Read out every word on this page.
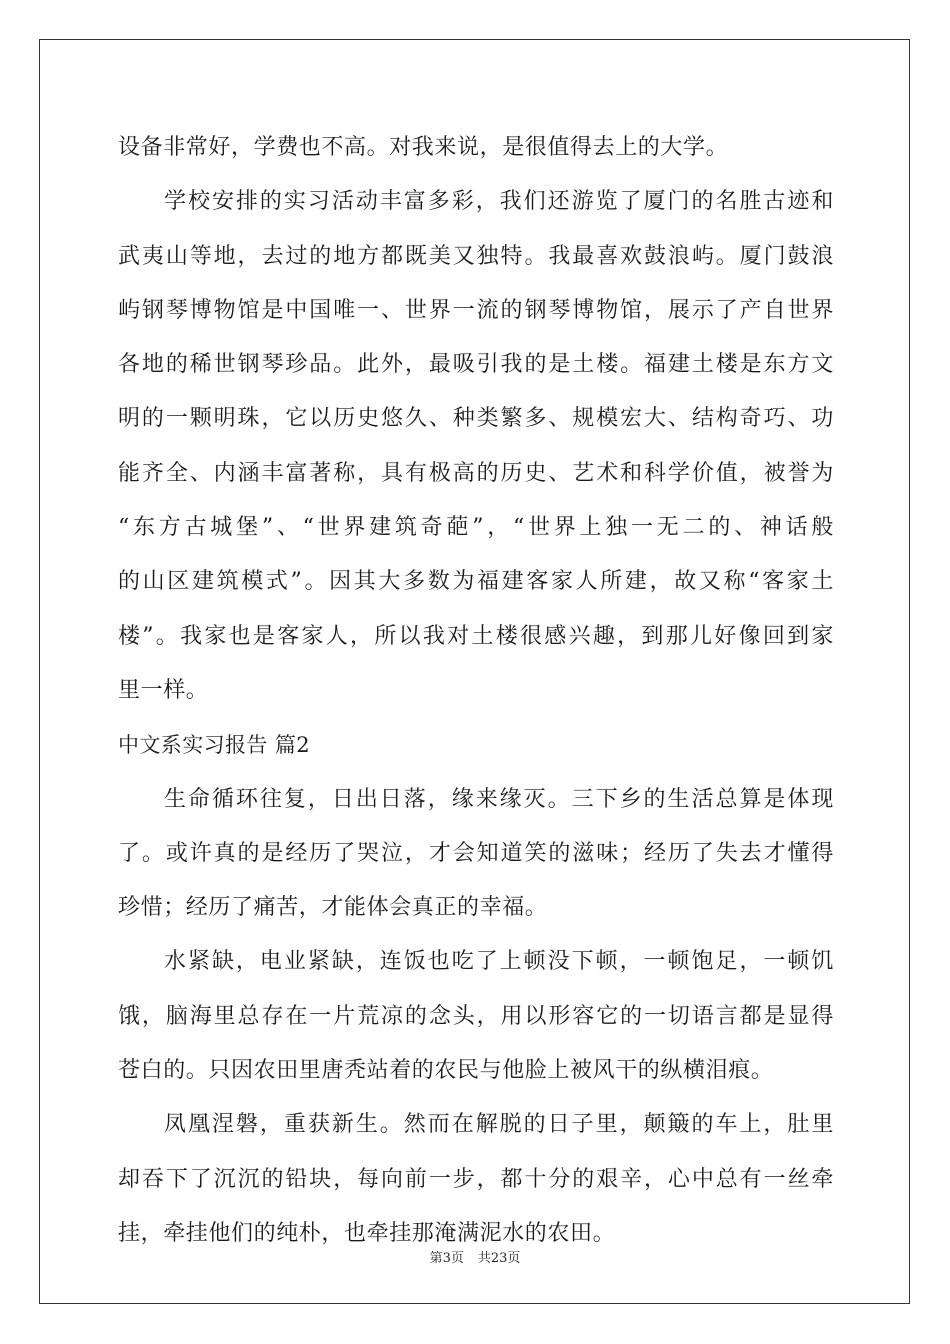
设备非常好，学费也不高。对我来说，是很值得去上的大学。
学校安排的实习活动丰富多彩，我们还游览了厦门的名胜古迹和
武夷山等地，去过的地方都既美又独特。我最喜欢鼓浪屿。厦门鼓浪
屿钢琴博物馆是中国唯一、世界一流的钢琴博物馆，展示了产自世界
各地的稀世钢琴珍品。此外，最吸引我的是土楼。福建土楼是东方文
明的一颗明珠，它以历史悠久、种类繁多、规模宏大、结构奇巧、功
能齐全、内涵丰富著称，具有极高的历史、艺术和科学价值，被誉为
“东方古城堡”、“世界建筑奇葩”，“世界上独一无二的、神话般
的山区建筑模式”。因其大多数为福建客家人所建，故又称“客家土
楼”。我家也是客家人，所以我对土楼很感兴趣，到那儿好像回到家
里一样。
中文系实习报告 篇2
生命循环往复，日出日落，缘来缘灭。三下乡的生活总算是体现
了。或许真的是经历了哭泣，才会知道笑的滋味；经历了失去才懂得
珍惜；经历了痛苦，才能体会真正的幸福。
水紧缺，电业紧缺，连饭也吃了上顿没下顿，一顿饱足，一顿饥
饿，脑海里总存在一片荒凉的念头，用以形容它的一切语言都是显得
苍白的。只因农田里唐秃站着的农民与他脸上被风干的纵横泪痕。
凤凰涅磐，重获新生。然而在解脱的日子里，颠簸的车上，肚里
却吞下了沉沉的铅块，每向前一步，都十分的艰辛，心中总有一丝牵
挂，牵挂他们的纯朴，也牵挂那淹满泥水的农田。
第3页 共23页
